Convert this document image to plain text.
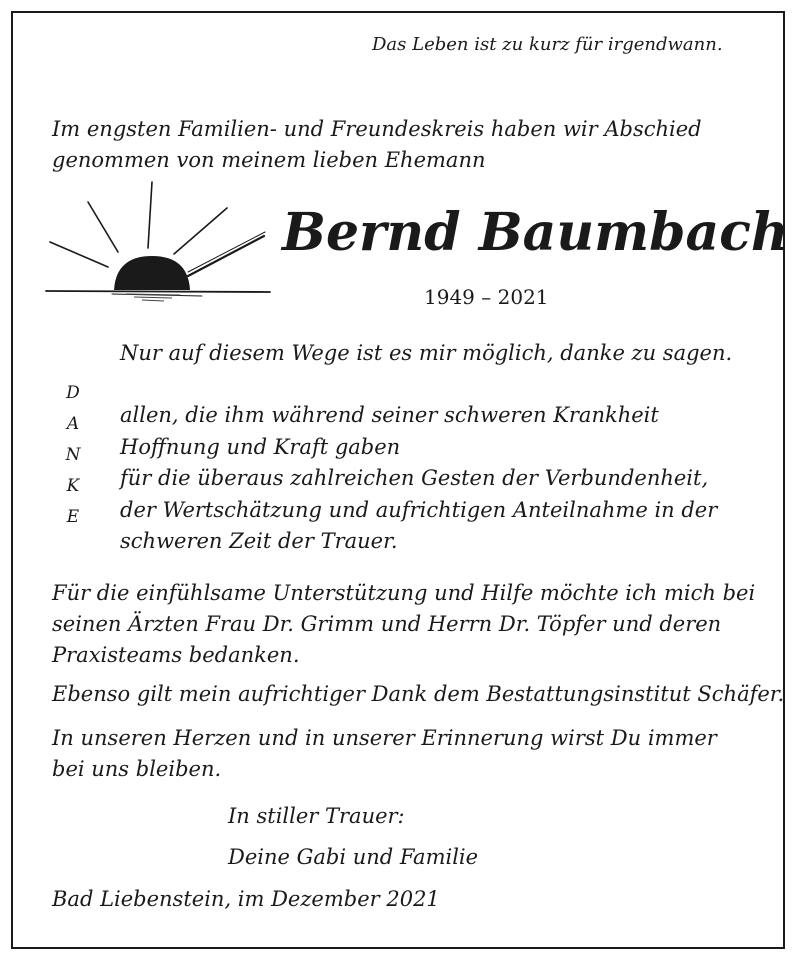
Das Leben ist zu kurz für irgendwann.

Im engsten Familien- und Freundeskreis haben wir Abschied
genommen von meinem lieben Ehemann
Bernd Baumbach

1949 – 2021

Nur auf diesem Wege ist es mir möglich, danke zu sagen.

D
A
N
K
E
allen, die ihm während seiner schweren Krankheit
Hoffnung und Kraft gaben
für die überaus zahlreichen Gesten der Verbundenheit,
der Wertschätzung und aufrichtigen Anteilnahme in der
schweren Zeit der Trauer.
Für die einfühlsame Unterstützung und Hilfe möchte ich mich bei
seinen Ärzten Frau Dr. Grimm und Herrn Dr. Töpfer und deren
Praxisteams bedanken.

Ebenso gilt mein aufrichtiger Dank dem Bestattungsinstitut Schäfer.

In unseren Herzen und in unserer Erinnerung wirst Du immer
bei uns bleiben.

In stiller Trauer:

Deine Gabi und Familie

Bad Liebenstein, im Dezember 2021
